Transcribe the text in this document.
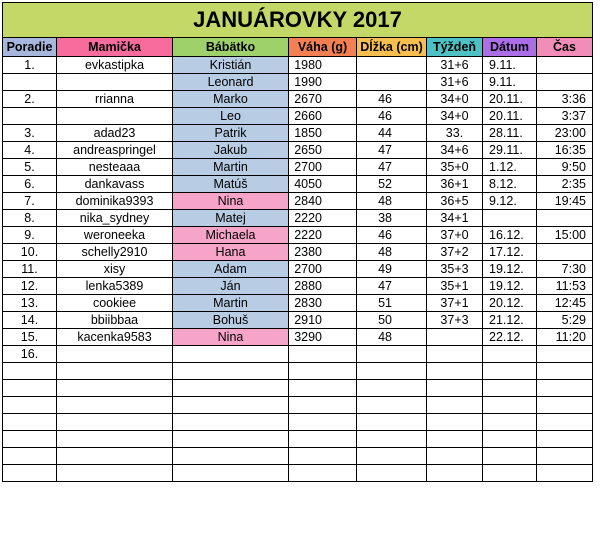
JANUÁROVKY 2017							
Poradie	Mamička	Bábätko	Váha (g)	Dĺžka (cm)	Týždeň	Dátum	Čas
1.	evkastipka	Kristián	1980		31+6	9.11.	
		Leonard	1990		31+6	9.11.	
2.	rrianna	Marko	2670	46	34+0	20.11.	3:36
		Leo	2660	46	34+0	20.11.	3:37
3.	adad23	Patrik	1850	44	33.	28.11.	23:00
4.	andreaspringel	Jakub	2650	47	34+6	29.11.	16:35
5.	nesteaaa	Martin	2700	47	35+0	1.12.	9:50
6.	dankavass	Matúš	4050	52	36+1	8.12.	2:35
7.	dominika9393	Nina	2840	48	36+5	9.12.	19:45
8.	nika_sydney	Matej	2220	38	34+1		
9.	weroneeka	Michaela	2220	46	37+0	16.12.	15:00
10.	schelly2910	Hana	2380	48	37+2	17.12.	
11.	xisy	Adam	2700	49	35+3	19.12.	7:30
12.	lenka5389	Ján	2880	47	35+1	19.12.	11:53
13.	cookiee	Martin	2830	51	37+1	20.12.	12:45
14.	bbiibbaa	Bohuš	2910	50	37+3	21.12.	5:29
15.	kacenka9583	Nina	3290	48		22.12.	11:20
16.							
